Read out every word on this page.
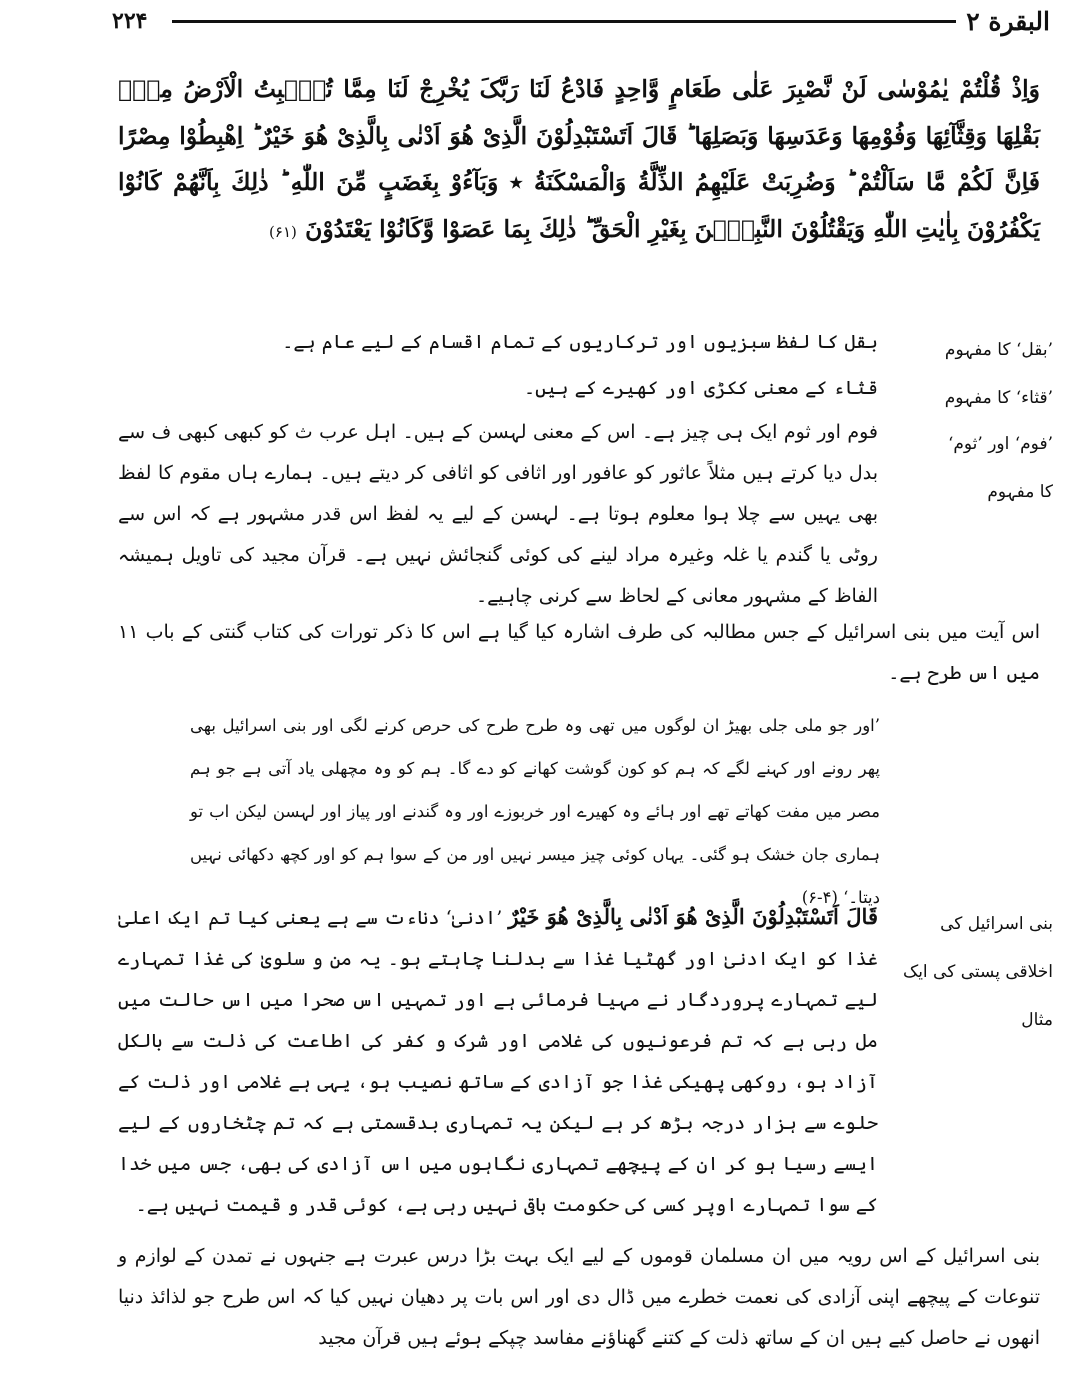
۲۲۴	البقرة ۲
وَاِذْ قُلْتُمْ یٰمُوْسٰی لَنْ نَّصْبِرَ عَلٰی طَعَامٍ وَّاحِدٍ فَادْعُ لَنَا رَبَّکَ یُخْرِجْ لَنَا مِمَّا تُنْۢبِتُ الْاَرْضُ مِنْۢ بَقْلِهَا وَقِثَّآئِهَا وَفُوْمِهَا وَعَدَسِهَا وَبَصَلِهَا ؕ قَالَ اَتَسْتَبْدِلُوْنَ الَّذِیْ هُوَ اَدْنٰی بِالَّذِیْ هُوَ خَیْرٌ ؕ اِهْبِطُوْا مِصْرًا فَاِنَّ لَكُمْ مَّا سَاَلْتُمْ ؕ وَضُرِبَتْ عَلَیْهِمُ الذِّلَّةُ وَالْمَسْكَنَةُ ٭ وَبَآءُوْ بِغَضَبٍ مِّنَ اللّٰهِ ؕ ذٰلِكَ بِاَنَّهُمْ كَانُوْا یَكْفُرُوْنَ بِاٰیٰتِ اللّٰهِ وَیَقْتُلُوْنَ النَّبِیّٖنَ بِغَیْرِ الْحَقِّ ؕ ذٰلِكَ بِمَا عَصَوْا وَّكَانُوْا یَعْتَدُوْنَ (۶۱)
’بقل‘ کا مفہوم

بقل کا لفظ سبزیوں اور ترکاریوں کے تمام اقسام کے لیے عام ہے۔

’قثاء‘ کا مفہوم

قثاء کے معنی ککڑی اور کھیرے کے ہیں۔

’فوم‘ اور ’ثوم‘ کا مفہوم

فوم اور ثوم ایک ہی چیز ہے۔ اس کے معنی لہسن کے ہیں۔ اہل عرب ث کو کبھی کبھی ف سے بدل دیا کرتے ہیں مثلاً عاثور کو عافور اور اثافی کو اثافی کر دیتے ہیں۔ ہمارے ہاں مقوم کا لفظ بھی یہیں سے چلا ہوا معلوم ہوتا ہے۔ لہسن کے لیے یہ لفظ اس قدر مشہور ہے کہ اس سے روٹی یا گندم یا غلہ وغیرہ مراد لینے کی کوئی گنجائش نہیں ہے۔ قرآن مجید کی تاویل ہمیشہ الفاظ کے مشہور معانی کے لحاظ سے کرنی چاہیے۔

اس آیت میں بنی اسرائیل کے جس مطالبہ کی طرف اشارہ کیا گیا ہے اس کا ذکر تورات کی کتاب گنتی کے باب ۱۱ میں اس طرح ہے۔

’اور جو ملی جلی بھیڑ ان لوگوں میں تھی وہ طرح طرح کی حرص کرنے لگی اور بنی اسرائیل بھی پھر رونے اور کہنے لگے کہ ہم کو کون گوشت کھانے کو دے گا۔ ہم کو وہ مچھلی یاد آتی ہے جو ہم مصر میں مفت کھاتے تھے اور ہائے وہ کھیرے اور خربوزے اور وہ گندنے اور پیاز اور لہسن لیکن اب تو ہماری جان خشک ہو گئی۔ یہاں کوئی چیز میسر نہیں اور من کے سوا ہم کو اور کچھ دکھائی نہیں دیتا۔‘ (۴-۶)

بنی اسرائیل کی اخلاقی پستی کی ایک مثال

قَالَ اَتَسْتَبْدِلُوْنَ الَّذِیْ هُوَ اَدْنٰی بِالَّذِیْ هُوَ خَیْرٌ ’ادنیٰ‘ دناءت سے ہے یعنی کیا تم ایک اعلیٰ غذا کو ایک ادنیٰ اور گھٹیا غذا سے بدلنا چاہتے ہو۔ یہ من و سلویٰ کی غذا تمہارے لیے تمہارے پروردگار نے مہیا فرمائی ہے اور تمہیں اس صحرا میں اس حالت میں مل رہی ہے کہ تم فرعونیوں کی غلامی اور شرک و کفر کی اطاعت کی ذلت سے بالکل آزاد ہو، روکھی پھیکی غذا جو آزادی کے ساتھ نصیب ہو، یہی ہے غلامی اور ذلت کے حلوے سے ہزار درجہ بڑھ کر ہے لیکن یہ تمہاری بدقسمتی ہے کہ تم چٹخاروں کے لیے ایسے رسیا ہو کر ان کے پیچھے تمہاری نگاہوں میں اس آزادی کی بھی، جس میں خدا کے سوا تمہارے اوپر کسی کی حکومت باقی نہیں رہی ہے، کوئی قدر و قیمت نہیں ہے۔

بنی اسرائیل کے اس رویہ میں ان مسلمان قوموں کے لیے ایک بہت بڑا درس عبرت ہے جنہوں نے تمدن کے لوازم و تنوعات کے پیچھے اپنی آزادی کی نعمت خطرے میں ڈال دی اور اس بات پر دھیان نہیں کیا کہ اس طرح جو لذائذ دنیا انھوں نے حاصل کیے ہیں ان کے ساتھ ذلت کے کتنے گھناؤنے مفاسد چپکے ہوئے ہیں قرآن مجید
